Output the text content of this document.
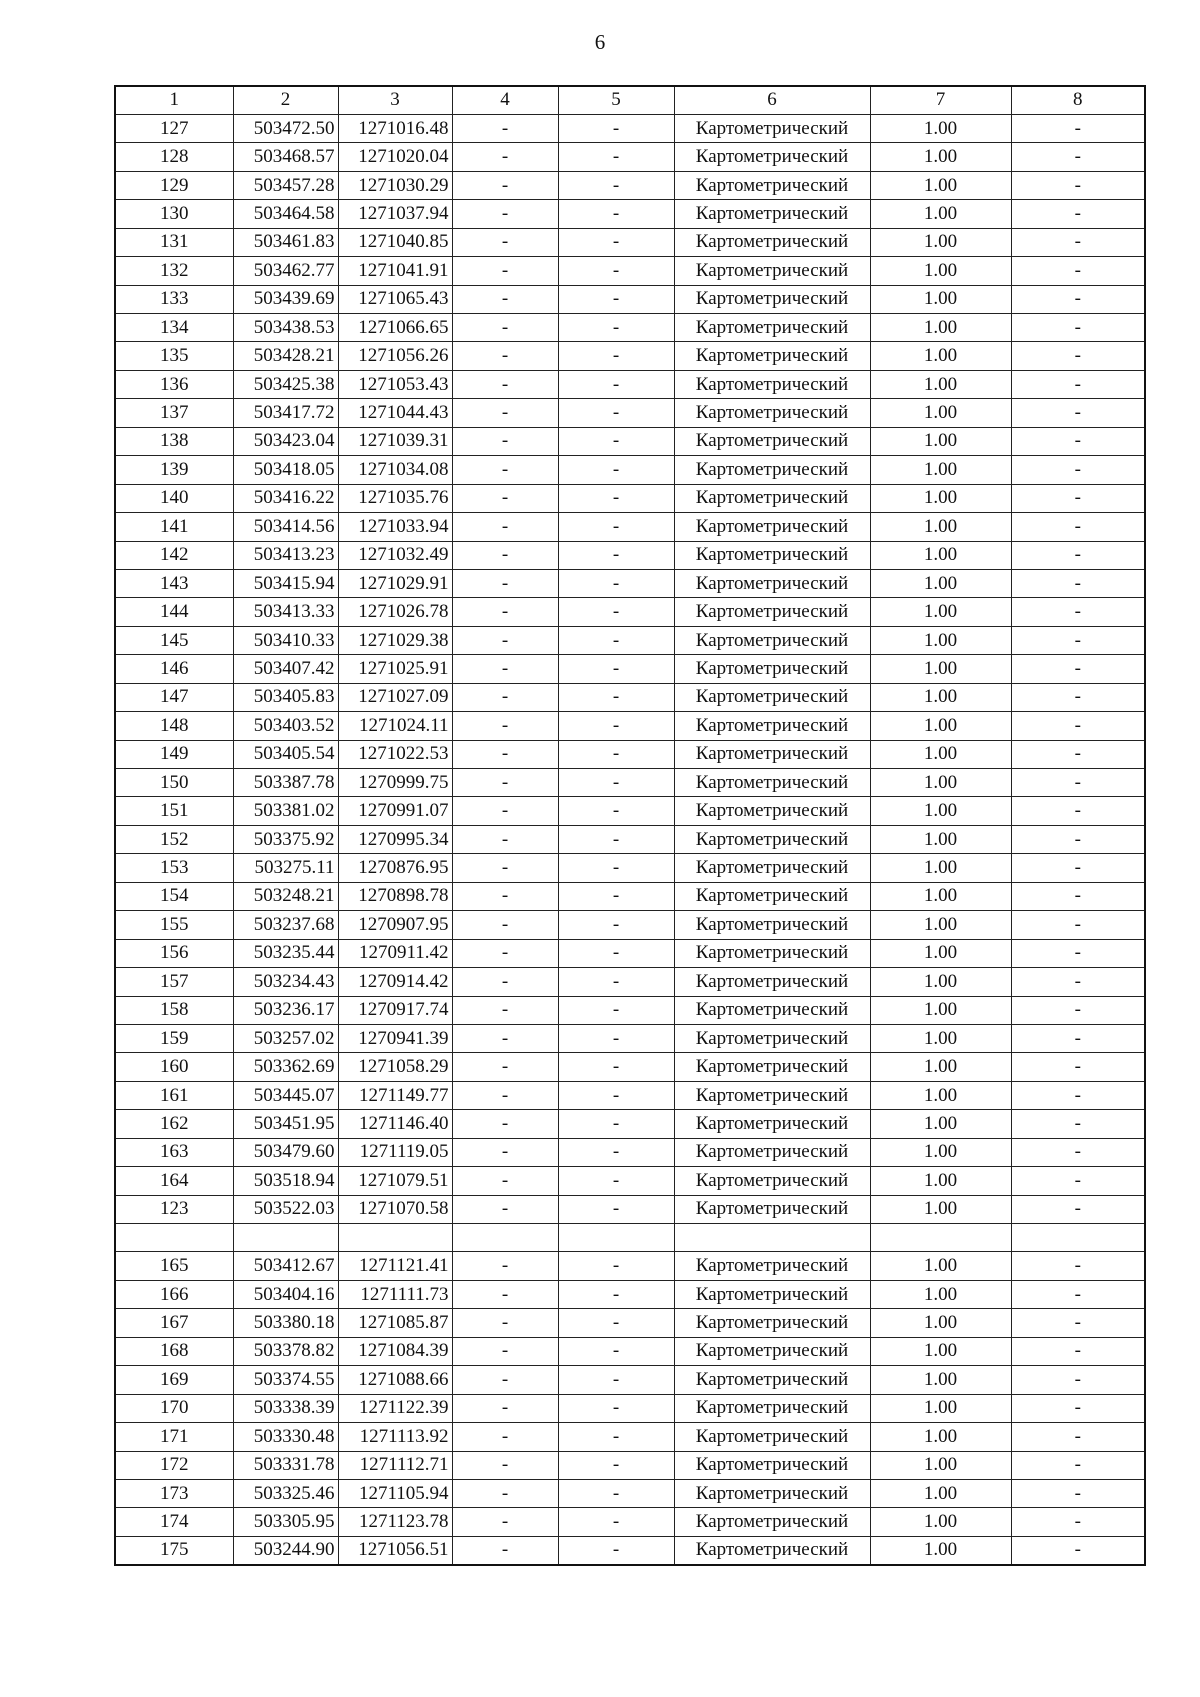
6
1	2	3	4	5	6	7	8
127	503472.50	1271016.48	-	-	Картометрический	1.00	-
128	503468.57	1271020.04	-	-	Картометрический	1.00	-
129	503457.28	1271030.29	-	-	Картометрический	1.00	-
130	503464.58	1271037.94	-	-	Картометрический	1.00	-
131	503461.83	1271040.85	-	-	Картометрический	1.00	-
132	503462.77	1271041.91	-	-	Картометрический	1.00	-
133	503439.69	1271065.43	-	-	Картометрический	1.00	-
134	503438.53	1271066.65	-	-	Картометрический	1.00	-
135	503428.21	1271056.26	-	-	Картометрический	1.00	-
136	503425.38	1271053.43	-	-	Картометрический	1.00	-
137	503417.72	1271044.43	-	-	Картометрический	1.00	-
138	503423.04	1271039.31	-	-	Картометрический	1.00	-
139	503418.05	1271034.08	-	-	Картометрический	1.00	-
140	503416.22	1271035.76	-	-	Картометрический	1.00	-
141	503414.56	1271033.94	-	-	Картометрический	1.00	-
142	503413.23	1271032.49	-	-	Картометрический	1.00	-
143	503415.94	1271029.91	-	-	Картометрический	1.00	-
144	503413.33	1271026.78	-	-	Картометрический	1.00	-
145	503410.33	1271029.38	-	-	Картометрический	1.00	-
146	503407.42	1271025.91	-	-	Картометрический	1.00	-
147	503405.83	1271027.09	-	-	Картометрический	1.00	-
148	503403.52	1271024.11	-	-	Картометрический	1.00	-
149	503405.54	1271022.53	-	-	Картометрический	1.00	-
150	503387.78	1270999.75	-	-	Картометрический	1.00	-
151	503381.02	1270991.07	-	-	Картометрический	1.00	-
152	503375.92	1270995.34	-	-	Картометрический	1.00	-
153	503275.11	1270876.95	-	-	Картометрический	1.00	-
154	503248.21	1270898.78	-	-	Картометрический	1.00	-
155	503237.68	1270907.95	-	-	Картометрический	1.00	-
156	503235.44	1270911.42	-	-	Картометрический	1.00	-
157	503234.43	1270914.42	-	-	Картометрический	1.00	-
158	503236.17	1270917.74	-	-	Картометрический	1.00	-
159	503257.02	1270941.39	-	-	Картометрический	1.00	-
160	503362.69	1271058.29	-	-	Картометрический	1.00	-
161	503445.07	1271149.77	-	-	Картометрический	1.00	-
162	503451.95	1271146.40	-	-	Картометрический	1.00	-
163	503479.60	1271119.05	-	-	Картометрический	1.00	-
164	503518.94	1271079.51	-	-	Картометрический	1.00	-
123	503522.03	1271070.58	-	-	Картометрический	1.00	-

165	503412.67	1271121.41	-	-	Картометрический	1.00	-
166	503404.16	1271111.73	-	-	Картометрический	1.00	-
167	503380.18	1271085.87	-	-	Картометрический	1.00	-
168	503378.82	1271084.39	-	-	Картометрический	1.00	-
169	503374.55	1271088.66	-	-	Картометрический	1.00	-
170	503338.39	1271122.39	-	-	Картометрический	1.00	-
171	503330.48	1271113.92	-	-	Картометрический	1.00	-
172	503331.78	1271112.71	-	-	Картометрический	1.00	-
173	503325.46	1271105.94	-	-	Картометрический	1.00	-
174	503305.95	1271123.78	-	-	Картометрический	1.00	-
175	503244.90	1271056.51	-	-	Картометрический	1.00	-
